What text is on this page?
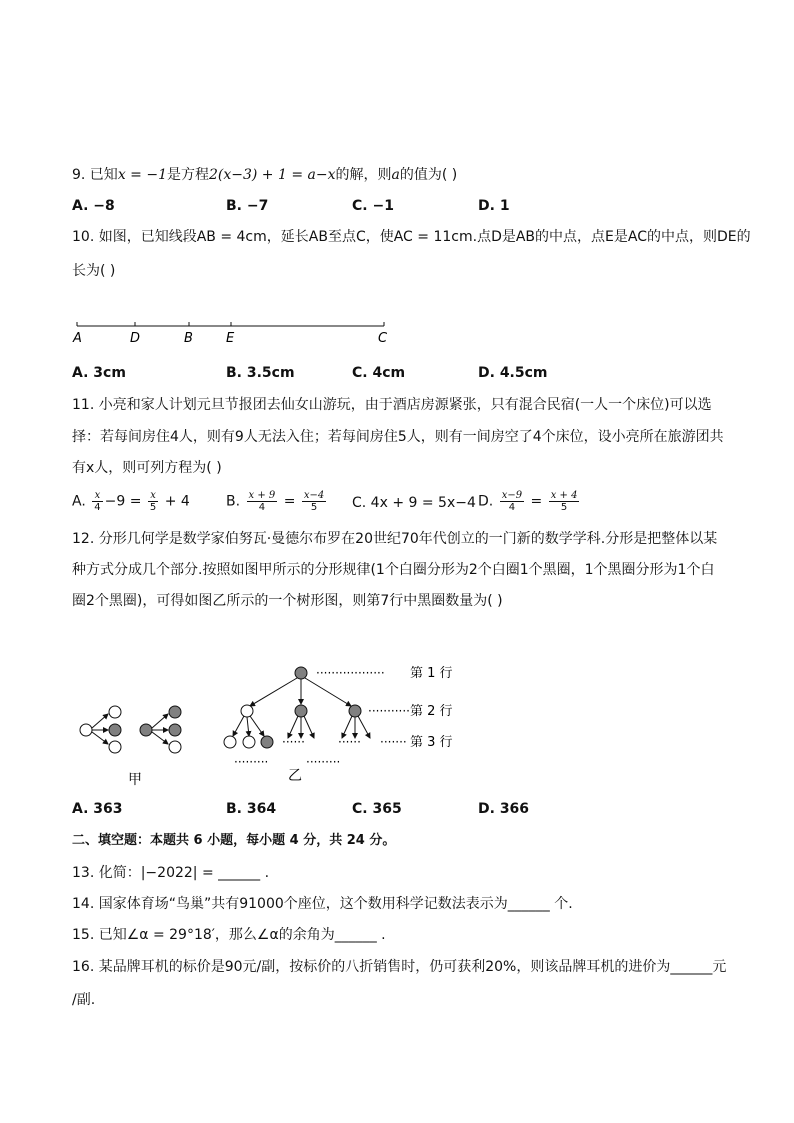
9. 已知x = −1是方程2(x−3) + 1 = a−x的解，则a的值为( )
A. −8	B. −7	C. −1	D. 1
10. 如图，已知线段AB = 4cm，延长AB至点C，使AC = 11cm.点D是AB的中点，点E是AC的中点，则DE的
长为( )
A	D	B	E	C
A. 3cm	B. 3.5cm	C. 4cm	D. 4.5cm
11. 小亮和家人计划元旦节报团去仙女山游玩，由于酒店房源紧张，只有混合民宿(一人一个床位)可以选
择：若每间房住4人，则有9人无法入住；若每间房住5人，则有一间房空了4个床位，设小亮所在旅游团共
有x人，则可列方程为( )
A. $\frac{x}{4} -9 = \frac{x}{5} + 4$	B. $\frac{x + 9}{4} = \frac{x-4}{5} C$. 4x + 9 = 5x−4 D. $\frac{x-9}{4} = \frac{x + 4}{5}$
12. 分形几何学是数学家伯努瓦·曼德尔布罗在20世纪70年代创立的一门新的数学学科.分形是把整体以某
种方式分成几个部分.按照如图甲所示的分形规律(1个白圈分形为2个白圈1个黑圈，1个黑圈分形为1个白
圈2个黑圈)，可得如图乙所示的一个树形图，则第7行中黑圈数量为( )
甲
·················· 第 1 行
··········· 第 2 行
······	······ ······· 第 3 行
·········	·········
乙
A. 363	B. 364	C. 365	D. 366
二、填空题：本题共 6 小题，每小题 4 分，共 24 分。
13. 化简：|−2022| = ______ .
14. 国家体育场“鸟巢”共有91000个座位，这个数用科学记数法表示为______ 个.
15. 已知∠α = 29°18′，那么∠α的余角为______ .
16. 某品牌耳机的标价是90元/副，按标价的八折销售时，仍可获利20%，则该品牌耳机的进价为______元
/副.
